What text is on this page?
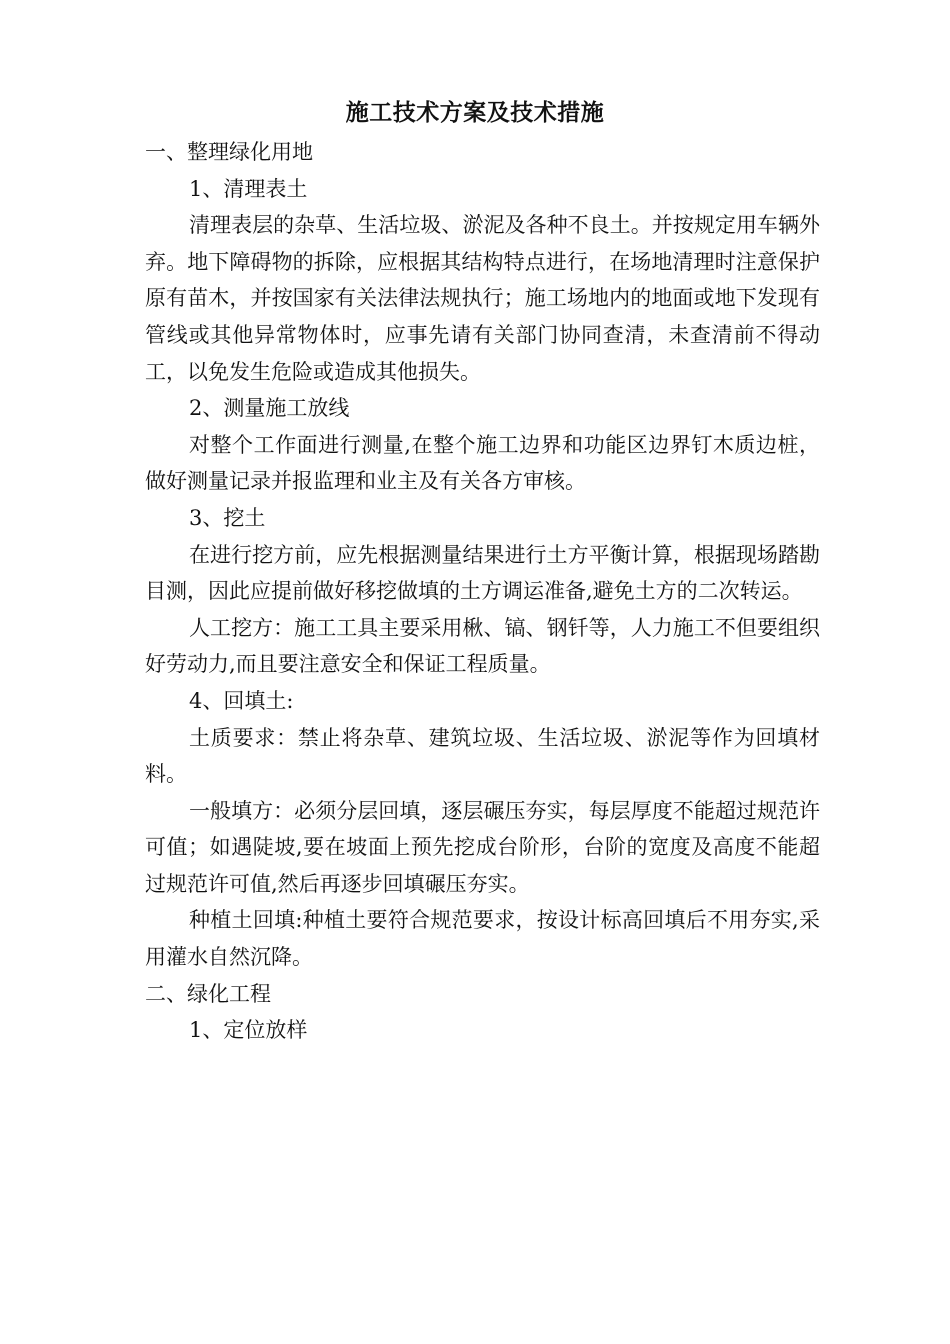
施工技术方案及技术措施

一、整理绿化用地

1、清理表土

清理表层的杂草、生活垃圾、淤泥及各种不良土。并按规定用车辆外弃。地下障碍物的拆除，应根据其结构特点进行，在场地清理时注意保护原有苗木，并按国家有关法律法规执行；施工场地内的地面或地下发现有管线或其他异常物体时，应事先请有关部门协同查清，未查清前不得动工，以免发生危险或造成其他损失。

2、测量施工放线

对整个工作面进行测量,在整个施工边界和功能区边界钉木质边桩，做好测量记录并报监理和业主及有关各方审核。

3、挖土

在进行挖方前，应先根据测量结果进行土方平衡计算，根据现场踏勘目测，因此应提前做好移挖做填的土方调运准备,避免土方的二次转运。

人工挖方：施工工具主要采用楸、镐、钢钎等，人力施工不但要组织好劳动力,而且要注意安全和保证工程质量。

4、回填土:

土质要求：禁止将杂草、建筑垃圾、生活垃圾、淤泥等作为回填材料。

一般填方：必须分层回填，逐层碾压夯实，每层厚度不能超过规范许可值；如遇陡坡,要在坡面上预先挖成台阶形，台阶的宽度及高度不能超过规范许可值,然后再逐步回填碾压夯实。

种植土回填:种植土要符合规范要求，按设计标高回填后不用夯实,采用灌水自然沉降。

二、绿化工程

1、定位放样
